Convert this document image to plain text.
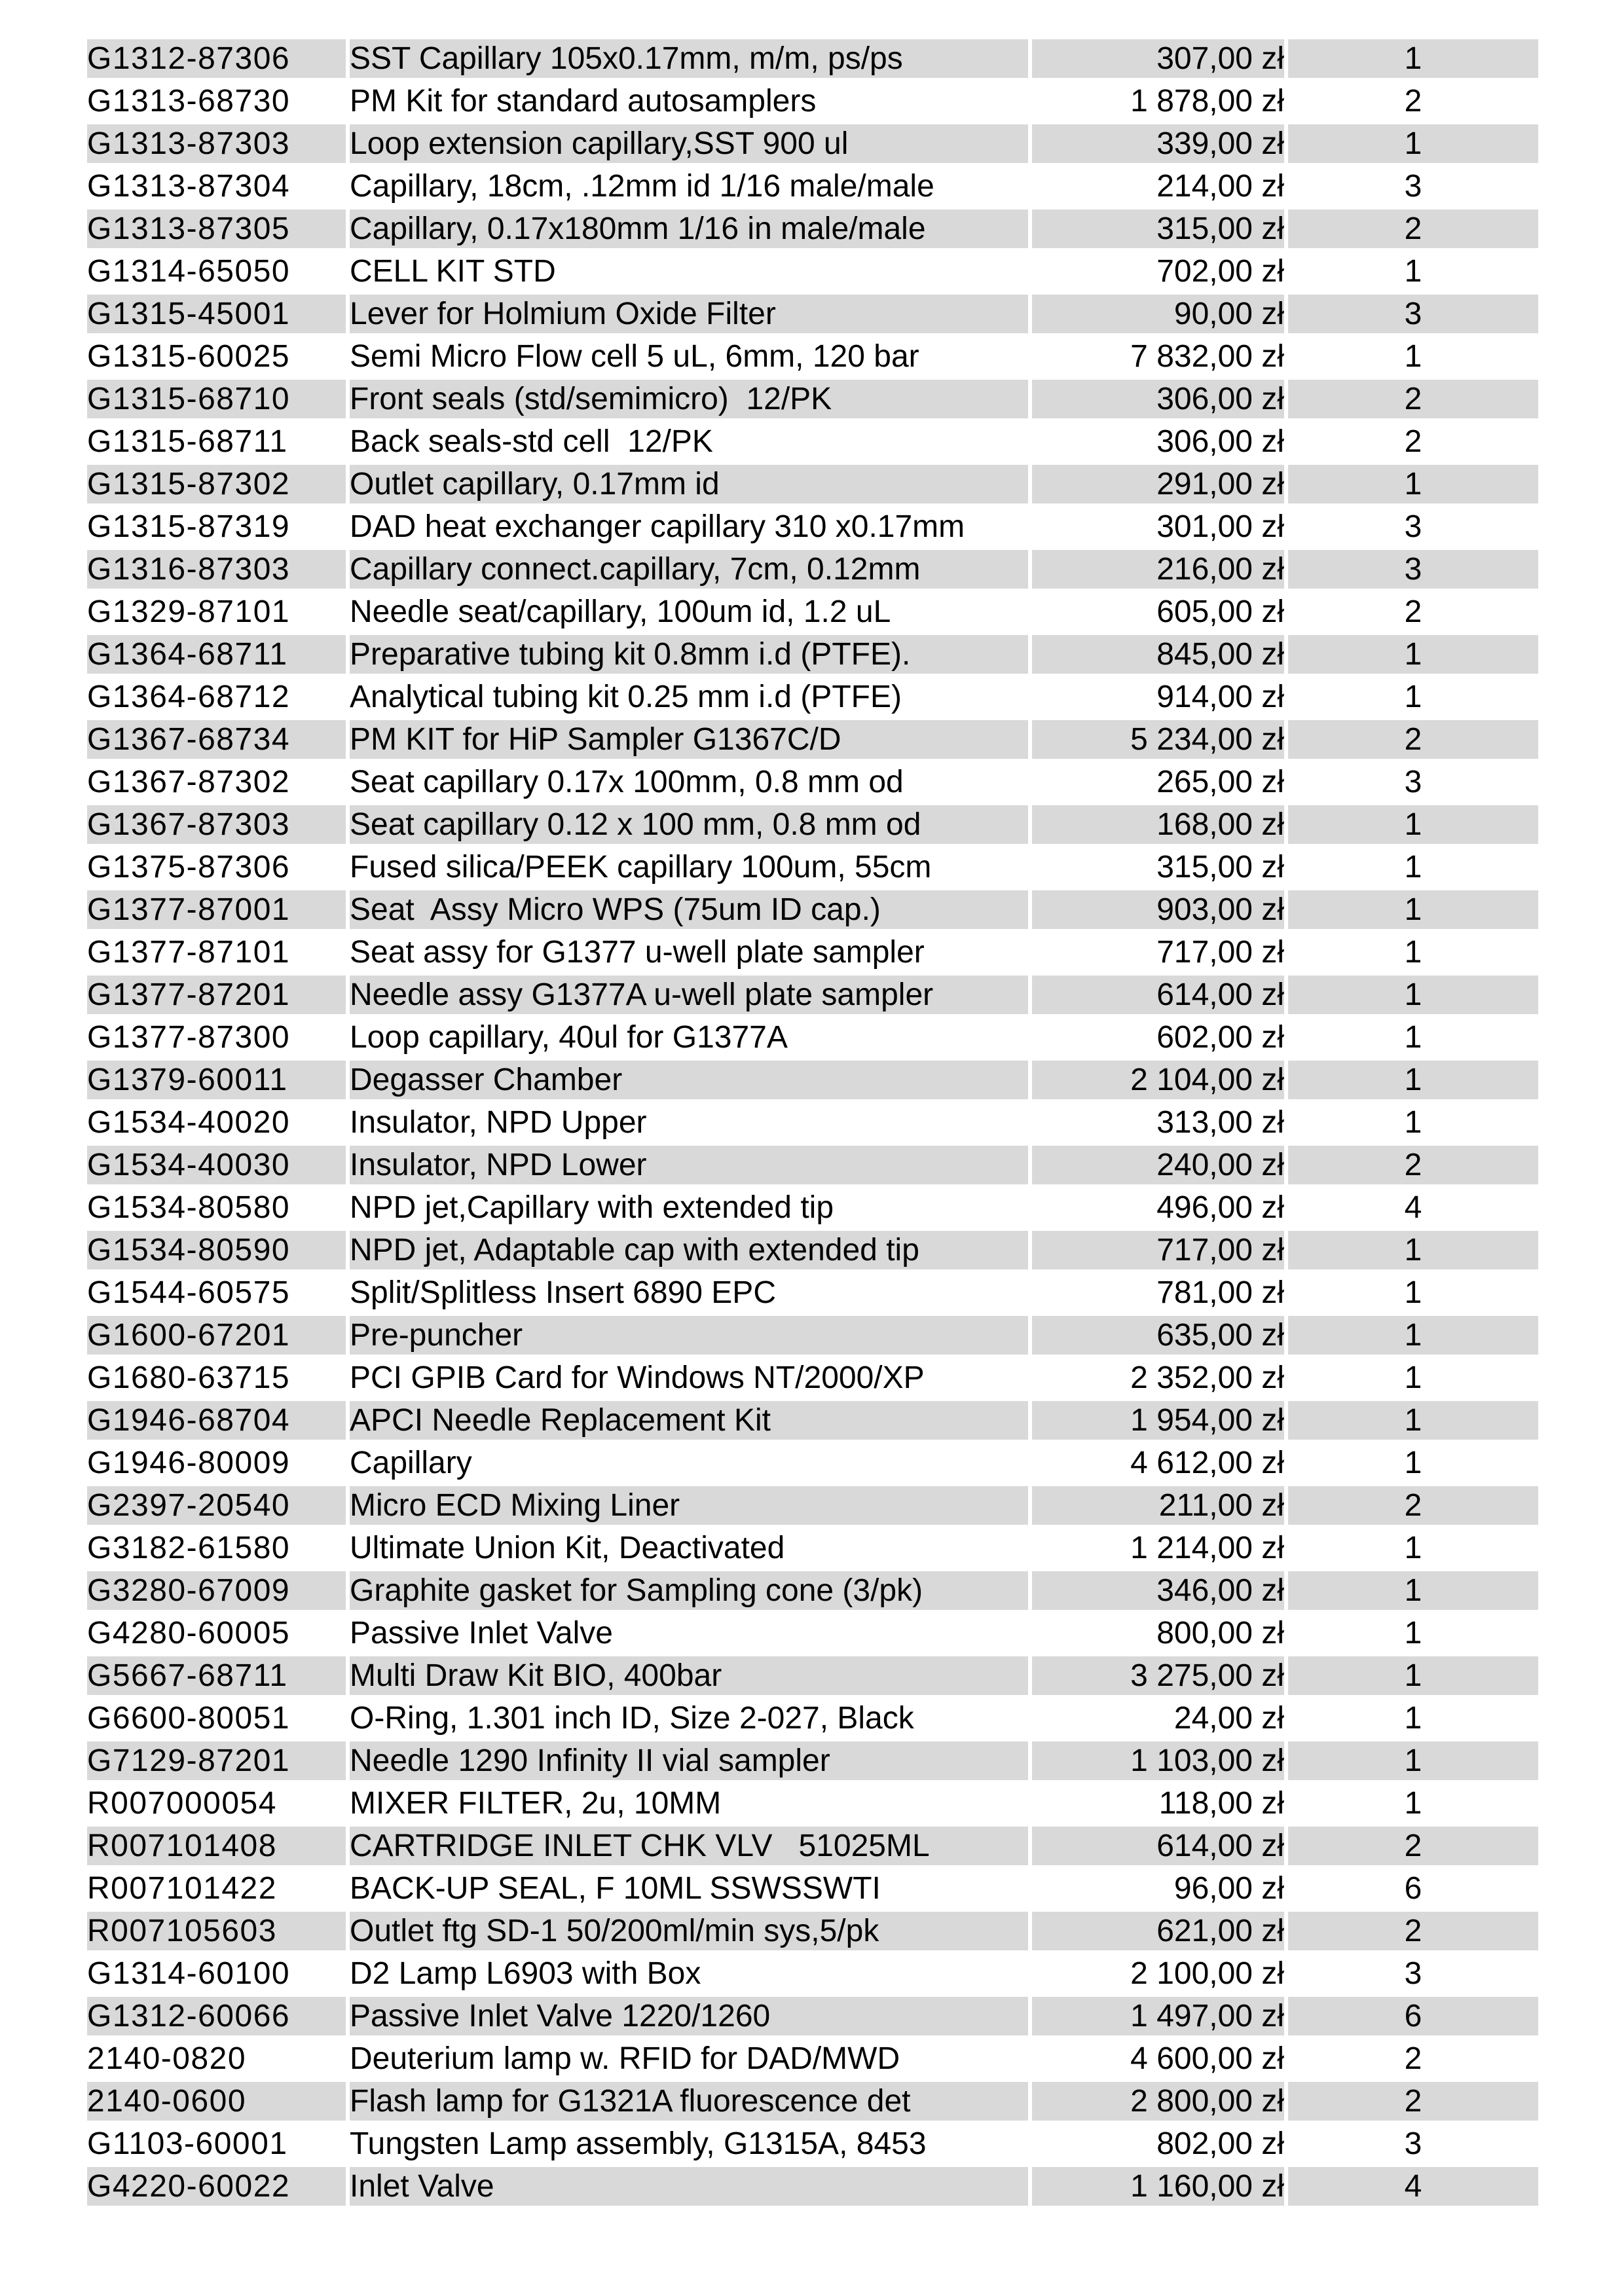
G1312-87306	SST Capillary 105x0.17mm, m/m, ps/ps	307,00 zł	1
G1313-68730	PM Kit for standard autosamplers	1 878,00 zł	2
G1313-87303	Loop extension capillary,SST 900 ul	339,00 zł	1
G1313-87304	Capillary, 18cm, .12mm id 1/16 male/male	214,00 zł	3
G1313-87305	Capillary, 0.17x180mm 1/16 in male/male	315,00 zł	2
G1314-65050	CELL KIT STD	702,00 zł	1
G1315-45001	Lever for Holmium Oxide Filter	90,00 zł	3
G1315-60025	Semi Micro Flow cell 5 uL, 6mm, 120 bar	7 832,00 zł	1
G1315-68710	Front seals (std/semimicro)  12/PK	306,00 zł	2
G1315-68711	Back seals-std cell  12/PK	306,00 zł	2
G1315-87302	Outlet capillary, 0.17mm id	291,00 zł	1
G1315-87319	DAD heat exchanger capillary 310 x0.17mm	301,00 zł	3
G1316-87303	Capillary connect.capillary, 7cm, 0.12mm	216,00 zł	3
G1329-87101	Needle seat/capillary, 100um id, 1.2 uL	605,00 zł	2
G1364-68711	Preparative tubing kit 0.8mm i.d (PTFE).	845,00 zł	1
G1364-68712	Analytical tubing kit 0.25 mm i.d (PTFE)	914,00 zł	1
G1367-68734	PM KIT for HiP Sampler G1367C/D	5 234,00 zł	2
G1367-87302	Seat capillary 0.17x 100mm, 0.8 mm od	265,00 zł	3
G1367-87303	Seat capillary 0.12 x 100 mm, 0.8 mm od	168,00 zł	1
G1375-87306	Fused silica/PEEK capillary 100um, 55cm	315,00 zł	1
G1377-87001	Seat  Assy Micro WPS (75um ID cap.)	903,00 zł	1
G1377-87101	Seat assy for G1377 u-well plate sampler	717,00 zł	1
G1377-87201	Needle assy G1377A u-well plate sampler	614,00 zł	1
G1377-87300	Loop capillary, 40ul for G1377A	602,00 zł	1
G1379-60011	Degasser Chamber	2 104,00 zł	1
G1534-40020	Insulator, NPD Upper	313,00 zł	1
G1534-40030	Insulator, NPD Lower	240,00 zł	2
G1534-80580	NPD jet,Capillary with extended tip	496,00 zł	4
G1534-80590	NPD jet, Adaptable cap with extended tip	717,00 zł	1
G1544-60575	Split/Splitless Insert 6890 EPC	781,00 zł	1
G1600-67201	Pre-puncher	635,00 zł	1
G1680-63715	PCI GPIB Card for Windows NT/2000/XP	2 352,00 zł	1
G1946-68704	APCI Needle Replacement Kit	1 954,00 zł	1
G1946-80009	Capillary	4 612,00 zł	1
G2397-20540	Micro ECD Mixing Liner	211,00 zł	2
G3182-61580	Ultimate Union Kit, Deactivated	1 214,00 zł	1
G3280-67009	Graphite gasket for Sampling cone (3/pk)	346,00 zł	1
G4280-60005	Passive Inlet Valve	800,00 zł	1
G5667-68711	Multi Draw Kit BIO, 400bar	3 275,00 zł	1
G6600-80051	O-Ring, 1.301 inch ID, Size 2-027, Black	24,00 zł	1
G7129-87201	Needle 1290 Infinity II vial sampler	1 103,00 zł	1
R007000054	MIXER FILTER, 2u, 10MM	118,00 zł	1
R007101408	CARTRIDGE INLET CHK VLV   51025ML	614,00 zł	2
R007101422	BACK-UP SEAL, F 10ML SSWSSWTI	96,00 zł	6
R007105603	Outlet ftg SD-1 50/200ml/min sys,5/pk	621,00 zł	2
G1314-60100	D2 Lamp L6903 with Box	2 100,00 zł	3
G1312-60066	Passive Inlet Valve 1220/1260	1 497,00 zł	6
2140-0820	Deuterium lamp w. RFID for DAD/MWD	4 600,00 zł	2
2140-0600	Flash lamp for G1321A fluorescence det	2 800,00 zł	2
G1103-60001	Tungsten Lamp assembly, G1315A, 8453	802,00 zł	3
G4220-60022	Inlet Valve	1 160,00 zł	4
